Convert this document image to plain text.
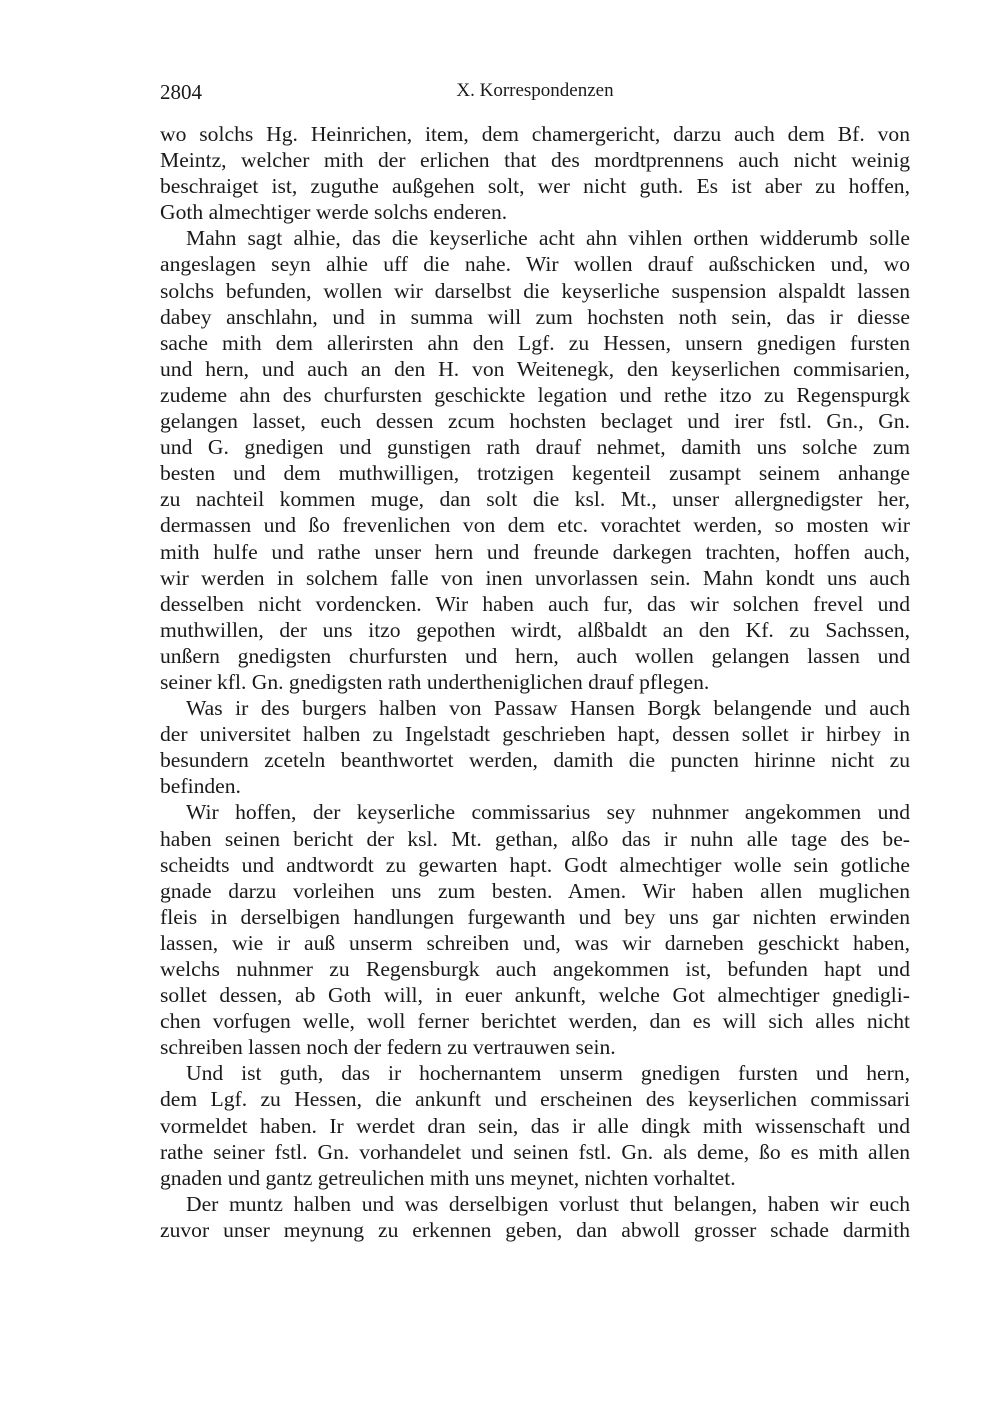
2804	X. Korrespondenzen
wo solchs Hg. Heinrichen, item, dem chamergericht, darzu auch dem Bf. von
Meintz, welcher mith der erlichen that des mordtprennens auch nicht weinig
beschraiget ist, zuguthe außgehen solt, wer nicht guth. Es ist aber zu hoffen,
Goth almechtiger werde solchs enderen.
Mahn sagt alhie, das die keyserliche acht ahn vihlen orthen widderumb solle
angeslagen seyn alhie uff die nahe. Wir wollen drauf außschicken und, wo
solchs befunden, wollen wir darselbst die keyserliche suspension alspaldt lassen
dabey anschlahn, und in summa will zum hochsten noth sein, das ir diesse
sache mith dem allerirsten ahn den Lgf. zu Hessen, unsern gnedigen fursten
und hern, und auch an den H. von Weitenegk, den keyserlichen commisarien,
zudeme ahn des churfursten geschickte legation und rethe itzo zu Regenspurgk
gelangen lasset, euch dessen zcum hochsten beclaget und irer fstl. Gn., Gn.
und G. gnedigen und gunstigen rath drauf nehmet, damith uns solche zum
besten und dem muthwilligen, trotzigen kegenteil zusampt seinem anhange
zu nachteil kommen muge, dan solt die ksl. Mt., unser allergnedigster her,
dermassen und ßo frevenlichen von dem etc. vorachtet werden, so mosten wir
mith hulfe und rathe unser hern und freunde darkegen trachten, hoffen auch,
wir werden in solchem falle von inen unvorlassen sein. Mahn kondt uns auch
desselben nicht vordencken. Wir haben auch fur, das wir solchen frevel und
muthwillen, der uns itzo gepothen wirdt, alßbaldt an den Kf. zu Sachssen,
unßern gnedigsten churfursten und hern, auch wollen gelangen lassen und
seiner kfl. Gn. gnedigsten rath undertheniglichen drauf pflegen.
Was ir des burgers halben von Passaw Hansen Borgk belangende und auch
der universitet halben zu Ingelstadt geschrieben hapt, dessen sollet ir hirbey in
besundern zceteln beanthwortet werden, damith die puncten hirinne nicht zu
befinden.
Wir hoffen, der keyserliche commissarius sey nuhnmer angekommen und
haben seinen bericht der ksl. Mt. gethan, alßo das ir nuhn alle tage des be-
scheidts und andtwordt zu gewarten hapt. Godt almechtiger wolle sein gotliche
gnade darzu vorleihen uns zum besten. Amen. Wir haben allen muglichen
fleis in derselbigen handlungen furgewanth und bey uns gar nichten erwinden
lassen, wie ir auß unserm schreiben und, was wir darneben geschickt haben,
welchs nuhnmer zu Regensburgk auch angekommen ist, befunden hapt und
sollet dessen, ab Goth will, in euer ankunft, welche Got almechtiger gnedigli-
chen vorfugen welle, woll ferner berichtet werden, dan es will sich alles nicht
schreiben lassen noch der federn zu vertrauwen sein.
Und ist guth, das ir hochernantem unserm gnedigen fursten und hern,
dem Lgf. zu Hessen, die ankunft und erscheinen des keyserlichen commissari
vormeldet haben. Ir werdet dran sein, das ir alle dingk mith wissenschaft und
rathe seiner fstl. Gn. vorhandelet und seinen fstl. Gn. als deme, ßo es mith allen
gnaden und gantz getreulichen mith uns meynet, nichten vorhaltet.
Der muntz halben und was derselbigen vorlust thut belangen, haben wir euch
zuvor unser meynung zu erkennen geben, dan abwoll grosser schade darmith
